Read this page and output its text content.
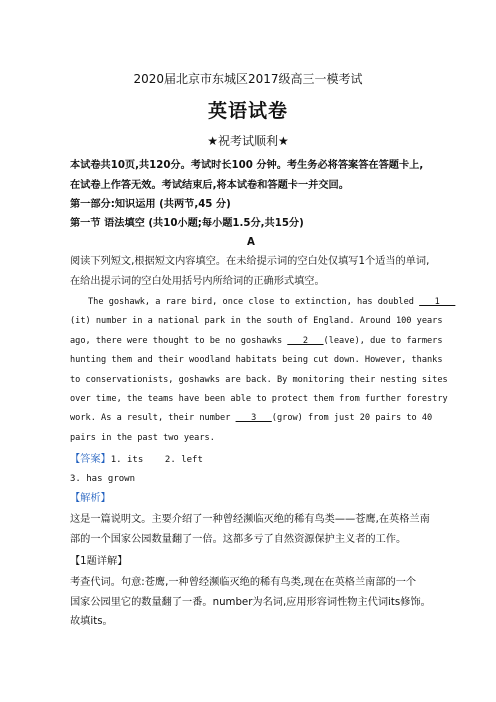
2020届北京市东城区2017级高三一模考试
英语试卷
★祝考试顺利★
本试卷共10页,共120分。考试时长100 分钟。考生务必将答案答在答题卡上,
在试卷上作答无效。考试结束后,将本试卷和答题卡一并交回。
第一部分:知识运用 (共两节,45 分)
第一节 语法填空 (共10小题;每小题1.5分,共15分)
A
阅读下列短文,根据短文内容填空。在未给提示词的空白处仅填写1个适当的单词,
在给出提示词的空白处用括号内所给词的正确形式填空。
The goshawk, a rare bird, once close to extinction, has doubled    1
(it) number in a national park in the south of England. Around 100 years
ago, there were thought to be no goshawks    2   (leave), due to farmers
hunting them and their woodland habitats being cut down. However, thanks
to conservationists, goshawks are back. By monitoring their nesting sites
over time, the teams have been able to protect them from further forestry
work. As a result, their number    3   (grow) from just 20 pairs to 40
pairs in the past two years.
【答案】1. its    2. left
3. has grown
【解析】
这是一篇说明文。主要介绍了一种曾经濒临灭绝的稀有鸟类——苍鹰,在英格兰南
部的一个国家公园数量翻了一倍。这都多亏了自然资源保护主义者的工作。
【1题详解】
考查代词。句意:苍鹰,一种曾经濒临灭绝的稀有鸟类,现在在英格兰南部的一个
国家公园里它的数量翻了一番。number为名词,应用形容词性物主代词its修饰。
故填its。
